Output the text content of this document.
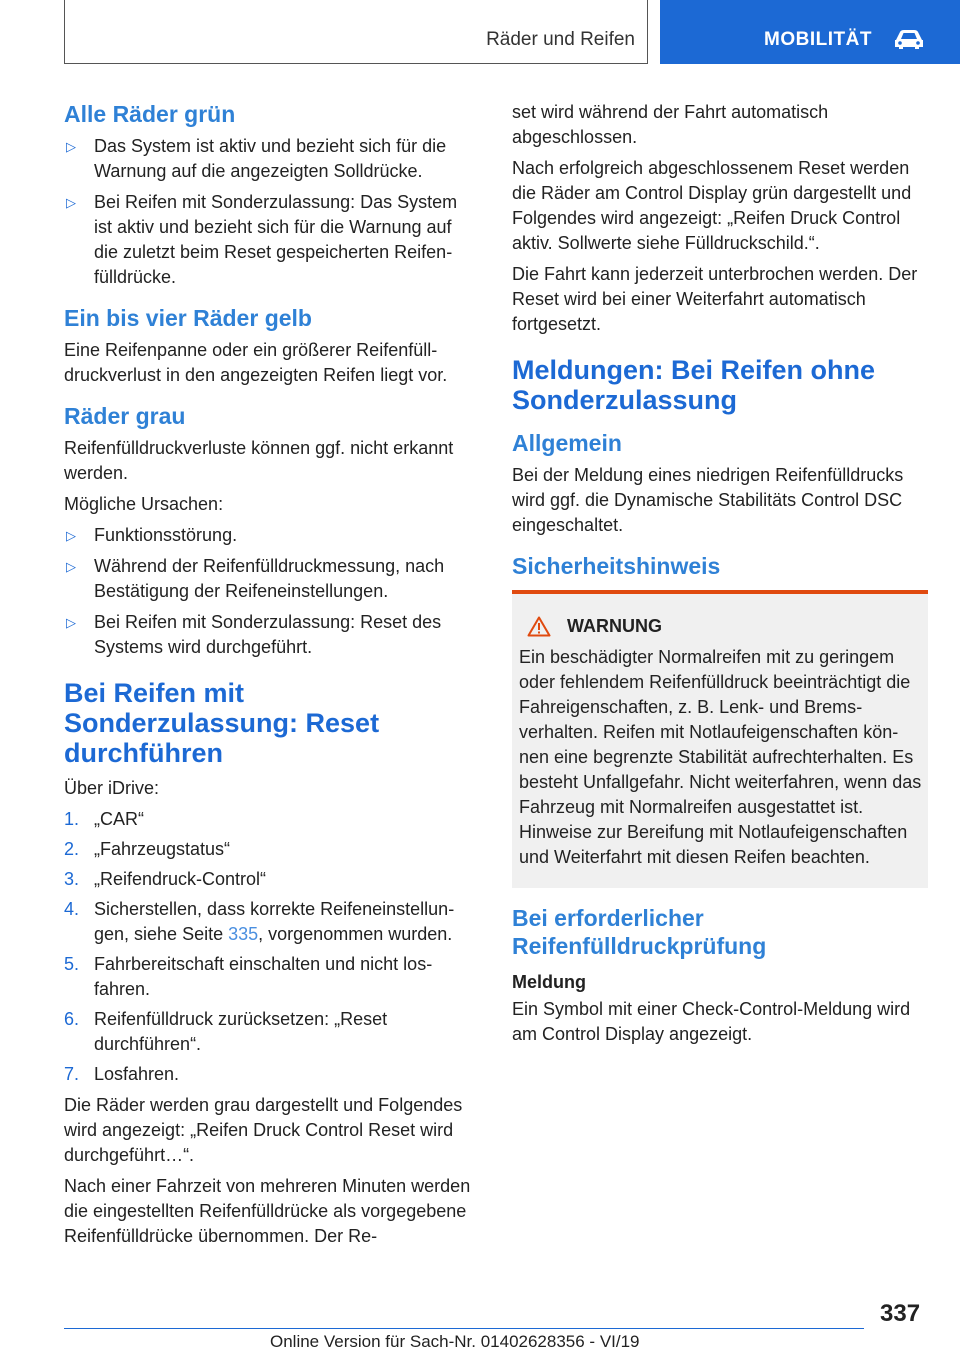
Räder und Reifen	MOBILITÄT
Alle Räder grün
▷ Das System ist aktiv und bezieht sich für die Warnung auf die angezeigten Solldrücke.
▷ Bei Reifen mit Sonderzulassung: Das System ist aktiv und bezieht sich für die Warnung auf die zuletzt beim Reset gespeicherten Reifenfülldrücke.
Ein bis vier Räder gelb

Eine Reifenpanne oder ein größerer Reifenfülldruckverlust in den angezeigten Reifen liegt vor.

Räder grau

Reifenfülldruckverluste können ggf. nicht erkannt werden.

Mögliche Ursachen:

▷ Funktionsstörung.
▷ Während der Reifenfülldruckmessung, nach Bestätigung der Reifeneinstellungen.
▷ Bei Reifen mit Sonderzulassung: Reset des Systems wird durchgeführt.
Bei Reifen mit Sonderzulassung: Reset durchführen

Über iDrive:

1. „CAR“
2. „Fahrzeugstatus“
3. „Reifendruck-Control“
4. Sicherstellen, dass korrekte Reifeneinstellungen, siehe Seite 335, vorgenommen wurden.
5. Fahrbereitschaft einschalten und nicht losfahren.
6. Reifenfülldruck zurücksetzen: „Reset durchführen“.
7. Losfahren.

Die Räder werden grau dargestellt und Folgendes wird angezeigt: „Reifen Druck Control Reset wird durchgeführt…“.

Nach einer Fahrzeit von mehreren Minuten werden die eingestellten Reifenfülldrücke als vorgegebene Reifenfülldrücke übernommen. Der Re-

set wird während der Fahrt automatisch abgeschlossen.

Nach erfolgreich abgeschlossenem Reset werden die Räder am Control Display grün dargestellt und Folgendes wird angezeigt: „Reifen Druck Control aktiv. Sollwerte siehe Fülldruckschild.“.

Die Fahrt kann jederzeit unterbrochen werden. Der Reset wird bei einer Weiterfahrt automatisch fortgesetzt.

Meldungen: Bei Reifen ohne Sonderzulassung
Allgemein

Bei der Meldung eines niedrigen Reifenfülldrucks wird ggf. die Dynamische Stabilitäts Control DSC eingeschaltet.

Sicherheitshinweis
WARNUNG
Ein beschädigter Normalreifen mit zu geringem oder fehlendem Reifenfülldruck beeinträchtigt die Fahreigenschaften, z. B. Lenk- und Bremsverhalten. Reifen mit Notlaufeigenschaften können eine begrenzte Stabilität aufrechterhalten. Es besteht Unfallgefahr. Nicht weiterfahren, wenn das Fahrzeug mit Normalreifen ausgestattet ist. Hinweise zur Bereifung mit Notlaufeigenschaften und Weiterfahrt mit diesen Reifen beachten.
Bei erforderlicher Reifenfülldruckprüfung
Meldung

Ein Symbol mit einer Check-Control-Meldung wird am Control Display angezeigt.

337
Online Version für Sach-Nr. 01402628356 - VI/19
